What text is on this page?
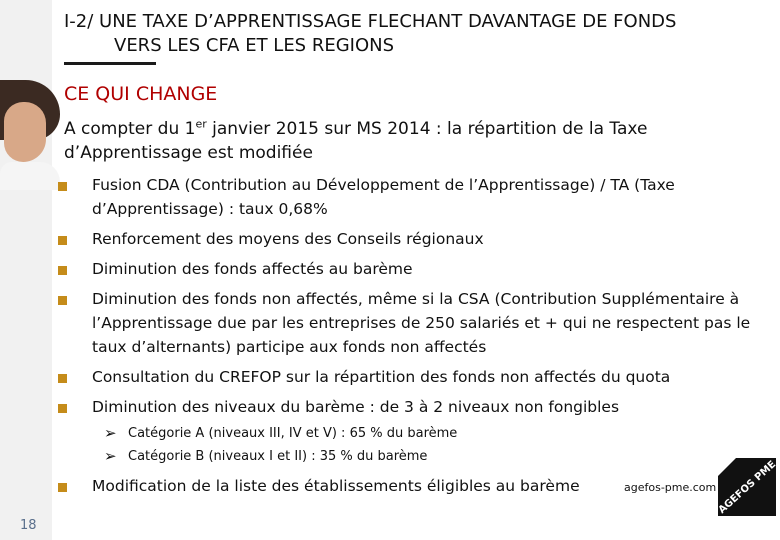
I-2/ UNE TAXE D’APPRENTISSAGE FLECHANT DAVANTAGE DE FONDS
VERS LES CFA ET LES REGIONS
CE QUI CHANGE
A compter du 1er janvier 2015 sur MS 2014 : la répartition de la Taxe d’Apprentissage est modifiée
Fusion CDA (Contribution au Développement de l’Apprentissage) / TA (Taxe d’Apprentissage) : taux 0,68%
Renforcement des moyens des Conseils régionaux
Diminution des fonds affectés au barème
Diminution des fonds non affectés, même si la CSA (Contribution Supplémentaire à l’Apprentissage due par les entreprises de 250 salariés et + qui ne respectent pas le taux d’alternants) participe aux fonds non affectés
Consultation du CREFOP sur la répartition des fonds non affectés du quota
Diminution des niveaux du barème : de 3 à 2 niveaux non fongibles
➢ Catégorie A (niveaux III, IV et V) : 65 % du barème
➢ Catégorie B (niveaux I et II) : 35 % du barème
Modification de la liste des établissements éligibles au barème
18
agefos-pme.com AGEFOS PME
